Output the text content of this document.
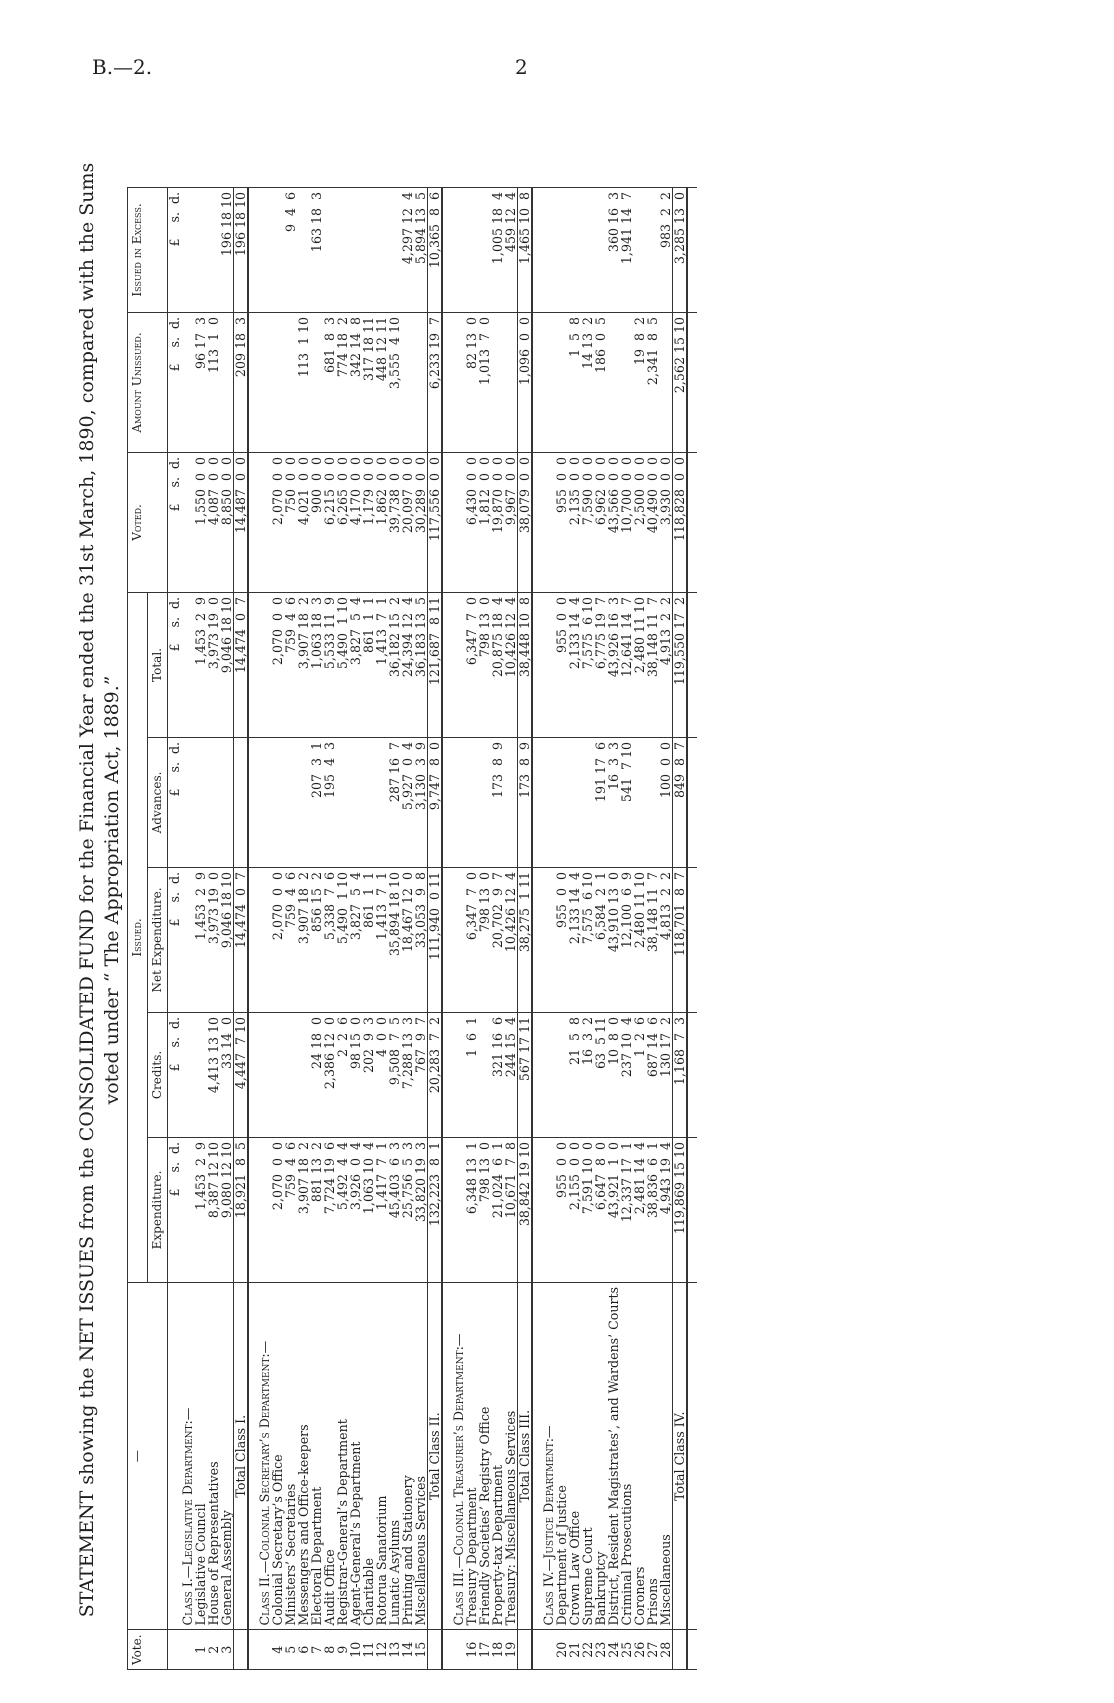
B.—2.	2
STATEMENT showing the NET ISSUES from the CONSOLIDATED FUND for the Financial Year ended the 31st March, 1890, compared with the Sums voted under “ The Appropriation Act, 1889.”
Vote.	—	Issued.					Voted.	Amount Unissued.	Issued in Excess.
		Expenditure.	Credits.	Net Expenditure.	Advances.	Total.			
		£    s.  d.	£    s.  d.	£    s.  d.	£    s.  d.	£    s.  d.	£    s.  d.	£    s.  d.	£    s.  d.
	Class I.—Legislative Department:—								
1	Legislative Council	1,453  2  9		1,453  2  9		1,453  2  9	1,550  0  0	96 17  3	
2	House of Representatives	8,387 12 10	4,413 13 10	3,973 19  0		3,973 19  0	4,087  0  0	113  1  0	
3	General Assembly	9,080 12 10	33 14  0	9,046 18 10		9,046 18 10	8,850  0  0		196 18 10
	Total Class I.	18,921  8  5	4,447  7 10	14,474  0  7		14,474  0  7	14,487  0  0	209 18  3	196 18 10

	Class II.—Colonial Secretary’s Department:—								
4	Colonial Secretary’s Office	2,070  0  0		2,070  0  0		2,070  0  0	2,070  0  0		
5	Ministers’ Secretaries	759  4  6		759  4  6		759  4  6	750  0  0		9  4  6
6	Messengers and Office-keepers	3,907 18  2		3,907 18  2		3,907 18  2	4,021  0  0	113  1 10	
7	Electoral Department	881 13  2	24 18  0	856 15  2	207  3  1	1,063 18  3	900  0  0		163 18  3
8	Audit Office	7,724 19  6	2,386 12  0	5,338  7  6	195  4  3	5,533 11  9	6,215  0  0	681  8  3	
9	Registrar-General’s Department	5,492  4  4	2  2  6	5,490  1 10		5,490  1 10	6,265  0  0	774 18  2	
10	Agent-General’s Department	3,926  0  4	98 15  0	3,827  5  4		3,827  5  4	4,170  0  0	342 14  8	
11	Charitable	1,063 10  4	202  9  3	861  1  1		861  1  1	1,179  0  0	317 18 11	
12	Rotorua Sanatorium	1,417  7  1	4  0  0	1,413  7  1		1,413  7  1	1,862  0  0	448 12 11	
13	Lunatic Asylums	45,403  6  3	9,508  7  5	35,894 18 10	287 16  7	36,182 15  2	39,738  0  0	3,555  4 10	
14	Printing and Stationery	25,756  5  3	7,288 13  3	18,467 12  0	5,927  0  4	24,394 12  4	20,097  0  0		4,297 12  4
15	Miscellaneous Services	33,820 19  3	767  9  7	33,053  9  8	3,130  3  9	36,183 13  5	30,289  0  0		5,894 13  5
	Total Class II.	132,223  8  1	20,283  7  2	111,940  0 11	9,747  8  0	121,687  8 11	117,556  0  0	6,233 19  7	10,365  8  6

	Class III.—Colonial Treasurer’s Department:—								
16	Treasury Department	6,348 13  1	1  6  1	6,347  7  0		6,347  7  0	6,430  0  0	82 13  0	
17	Friendly Societies’ Registry Office	798 13  0		798 13  0		798 13  0	1,812  0  0	1,013  7  0	
18	Property-tax Department	21,024  6  1	321 16  6	20,702  9  7	173  8  9	20,875 18  4	19,870  0  0		1,005 18  4
19	Treasury: Miscellaneous Services	10,671  7  8	244 15  4	10,426 12  4		10,426 12  4	9,967  0  0		459 12  4
	Total Class III.	38,842 19 10	567 17 11	38,275  1 11	173  8  9	38,448 10  8	38,079  0  0	1,096  0  0	1,465 10  8

	Class IV.—Justice Department:—								
20	Department of Justice	955  0  0		955  0  0		955  0  0	955  0  0		
21	Crown Law Office	2,155  0  0	21  5  8	2,133 14  4		2,133 14  4	2,135  0  0	1  5  8	
22	Supreme Court	7,591 10  0	16  3  2	7,575  6 10		7,575  6 10	7,590  0  0	14 13  2	
23	Bankruptcy	6,647  8  0	63  5 11	6,584  2  1	191 17  6	6,775 19  7	6,962  0  0	186  0  5	
24	District, Resident Magistrates’, and Wardens’ Courts	43,921  1  0	10  8  0	43,910 13  0	16  3  3	43,926 16  3	43,566  0  0		360 16  3
25	Criminal Prosecutions	12,337 17  1	237 10  4	12,100  6  9	541  7 10	12,641 14  7	10,700  0  0		1,941 14  7
26	Coroners	2,481 14  4	1  2  6	2,480 11 10		2,480 11 10	2,500  0  0	19  8  2	
27	Prisons	38,836  6  1	687 14  6	38,148 11  7		38,148 11  7	40,490  0  0	2,341  8  5	
28	Miscellaneous	4,943 19  4	130 17  2	4,813  2  2	100  0  0	4,913  2  2	3,930  0  0		983  2  2
	Total Class IV.	119,869 15 10	1,168  7  3	118,701  8  7	849  8  7	119,550 17  2	118,828  0  0	2,562 15 10	3,285 13  0
